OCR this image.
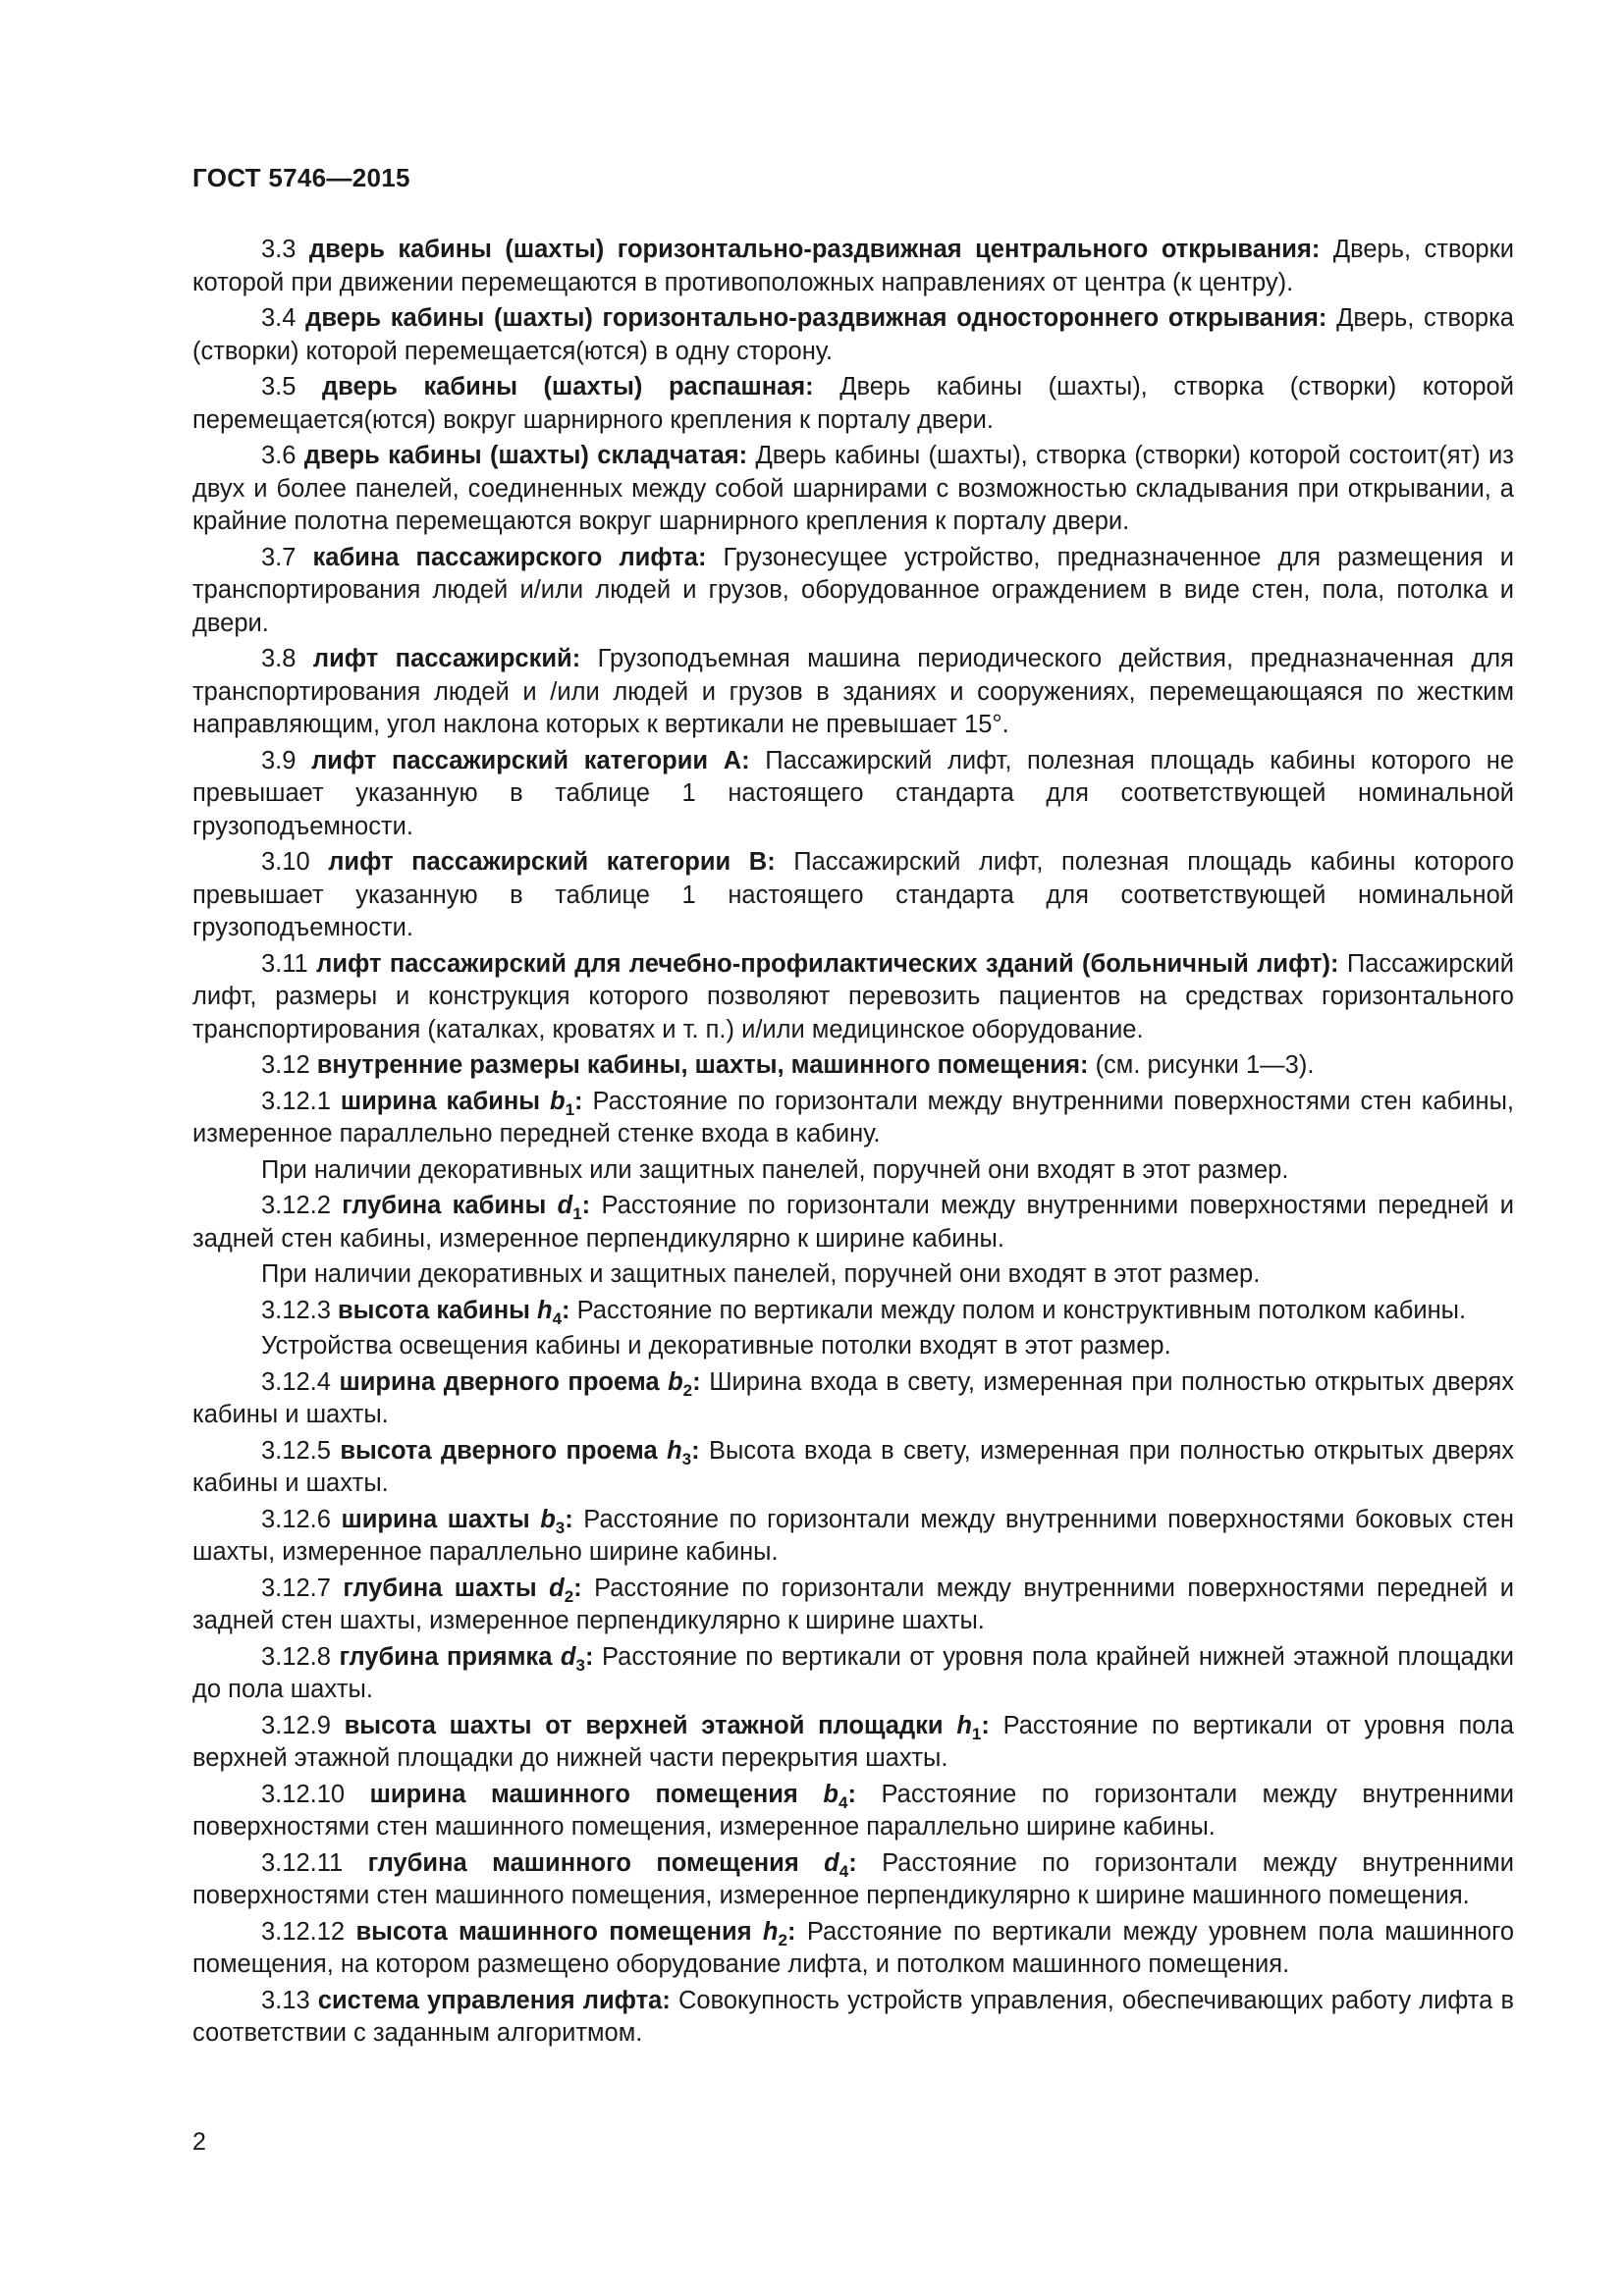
ГОСТ 5746—2015
3.3 дверь кабины (шахты) горизонтально-раздвижная центрального открывания: Дверь, створки которой при движении перемещаются в противоположных направлениях от центра (к центру).
3.4 дверь кабины (шахты) горизонтально-раздвижная одностороннего открывания: Дверь, створка (створки) которой перемещается(ются) в одну сторону.
3.5 дверь кабины (шахты) распашная: Дверь кабины (шахты), створка (створки) которой перемещается(ются) вокруг шарнирного крепления к порталу двери.
3.6 дверь кабины (шахты) складчатая: Дверь кабины (шахты), створка (створки) которой состоит(ят) из двух и более панелей, соединенных между собой шарнирами с возможностью складывания при открывании, а крайние полотна перемещаются вокруг шарнирного крепления к порталу двери.
3.7 кабина пассажирского лифта: Грузонесущее устройство, предназначенное для размещения и транспортирования людей и/или людей и грузов, оборудованное ограждением в виде стен, пола, потолка и двери.
3.8 лифт пассажирский: Грузоподъемная машина периодического действия, предназначенная для транспортирования людей и /или людей и грузов в зданиях и сооружениях, перемещающаяся по жестким направляющим, угол наклона которых к вертикали не превышает 15°.
3.9 лифт пассажирский категории А: Пассажирский лифт, полезная площадь кабины которого не превышает указанную в таблице 1 настоящего стандарта для соответствующей номинальной грузоподъемности.
3.10 лифт пассажирский категории В: Пассажирский лифт, полезная площадь кабины которого превышает указанную в таблице 1 настоящего стандарта для соответствующей номинальной грузоподъемности.
3.11 лифт пассажирский для лечебно-профилактических зданий (больничный лифт): Пассажирский лифт, размеры и конструкция которого позволяют перевозить пациентов на средствах горизонтального транспортирования (каталках, кроватях и т. п.) и/или медицинское оборудование.
3.12 внутренние размеры кабины, шахты, машинного помещения: (см. рисунки 1—3).
3.12.1 ширина кабины $b_1$: Расстояние по горизонтали между внутренними поверхностями стен кабины, измеренное параллельно передней стенке входа в кабину.
При наличии декоративных или защитных панелей, поручней они входят в этот размер.
3.12.2 глубина кабины $d_1$: Расстояние по горизонтали между внутренними поверхностями передней и задней стен кабины, измеренное перпендикулярно к ширине кабины.
При наличии декоративных и защитных панелей, поручней они входят в этот размер.
3.12.3 высота кабины $h_4$: Расстояние по вертикали между полом и конструктивным потолком кабины.
Устройства освещения кабины и декоративные потолки входят в этот размер.
3.12.4 ширина дверного проема $b_2$: Ширина входа в свету, измеренная при полностью открытых дверях кабины и шахты.
3.12.5 высота дверного проема $h_3$: Высота входа в свету, измеренная при полностью открытых дверях кабины и шахты.
3.12.6 ширина шахты $b_3$: Расстояние по горизонтали между внутренними поверхностями боковых стен шахты, измеренное параллельно ширине кабины.
3.12.7 глубина шахты $d_2$: Расстояние по горизонтали между внутренними поверхностями передней и задней стен шахты, измеренное перпендикулярно к ширине шахты.
3.12.8 глубина приямка $d_3$: Расстояние по вертикали от уровня пола крайней нижней этажной площадки до пола шахты.
3.12.9 высота шахты от верхней этажной площадки $h_1$: Расстояние по вертикали от уровня пола верхней этажной площадки до нижней части перекрытия шахты.
3.12.10 ширина машинного помещения $b_4$: Расстояние по горизонтали между внутренними поверхностями стен машинного помещения, измеренное параллельно ширине кабины.
3.12.11 глубина машинного помещения $d_4$: Расстояние по горизонтали между внутренними поверхностями стен машинного помещения, измеренное перпендикулярно к ширине машинного помещения.
3.12.12 высота машинного помещения $h_2$: Расстояние по вертикали между уровнем пола машинного помещения, на котором размещено оборудование лифта, и потолком машинного помещения.
3.13 система управления лифта: Совокупность устройств управления, обеспечивающих работу лифта в соответствии с заданным алгоритмом.
2
